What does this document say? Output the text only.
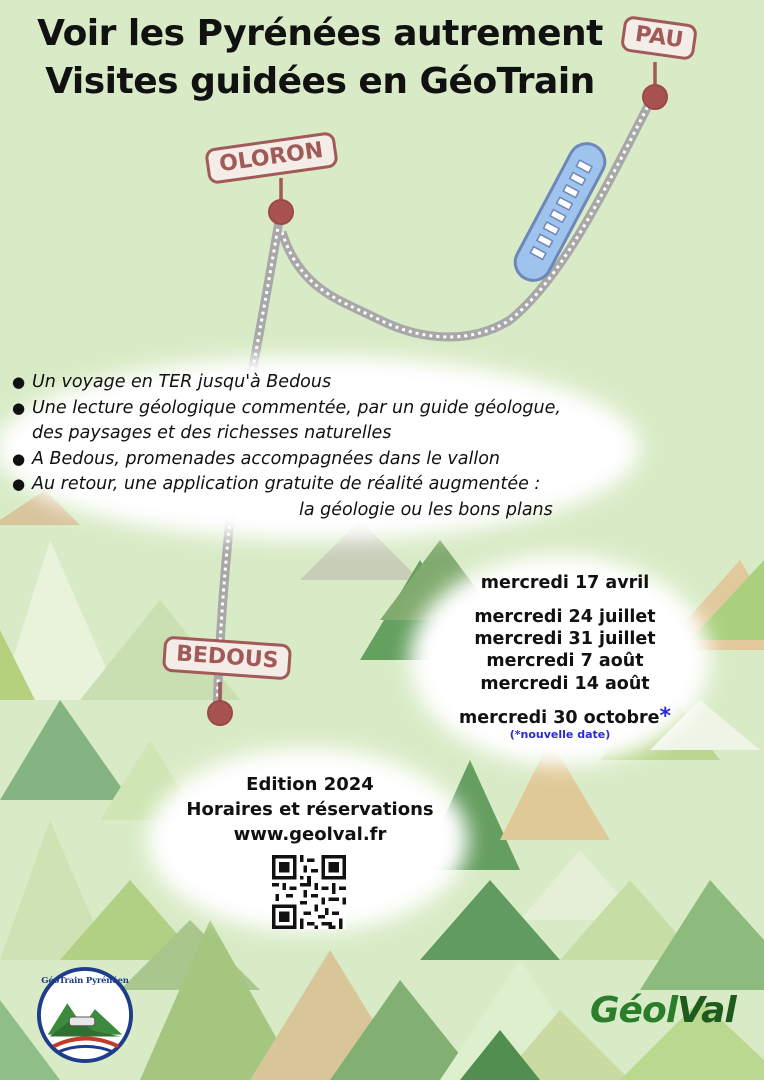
Voir les Pyrénées autrement
Visites guidées en GéoTrain
PAU
OLORON
BEDOUS
● Un voyage en TER jusqu'à Bedous
● Une lecture géologique commentée, par un guide géologue,
des paysages et des richesses naturelles
● A Bedous, promenades accompagnées dans le vallon
● Au retour, une application gratuite de réalité augmentée :
la géologie ou les bons plans
mercredi 17 avril
mercredi 24 juillet
mercredi 31 juillet
mercredi 7 août
mercredi 14 août
mercredi 30 octobre*
(*nouvelle date)
Edition 2024
Horaires et réservations
www.geolval.fr
GéoTrain Pyrénéen
GéolVal
